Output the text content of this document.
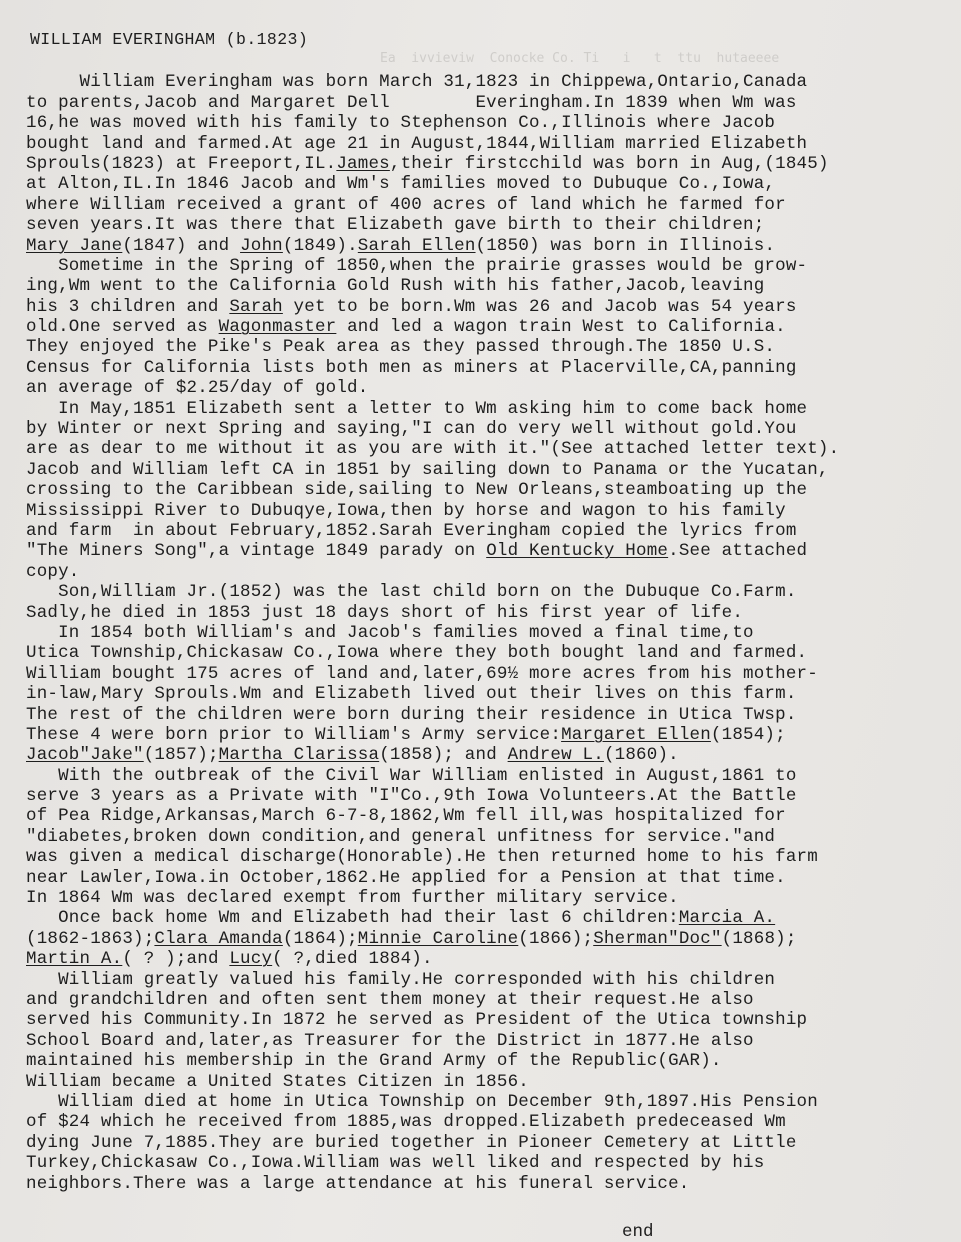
Ea  ivvieviw  Conocke Co. Ti   i   t  ttu  hutaeeee

WILLIAM EVERINGHAM (b.1823)
William Everingham was born March 31,1823 in Chippewa,Ontario,Canada
to parents,Jacob and Margaret Dell        Everingham.In 1839 when Wm was
16,he was moved with his family to Stephenson Co.,Illinois where Jacob
bought land and farmed.At age 21 in August,1844,William married Elizabeth
Sprouls(1823) at Freeport,IL.James,their firstcchild was born in Aug,(1845)
at Alton,IL.In 1846 Jacob and Wm's families moved to Dubuque Co.,Iowa,
where William received a grant of 400 acres of land which he farmed for
seven years.It was there that Elizabeth gave birth to their children;
Mary Jane(1847) and John(1849).Sarah Ellen(1850) was born in Illinois.
Sometime in the Spring of 1850,when the prairie grasses would be grow-
ing,Wm went to the California Gold Rush with his father,Jacob,leaving
his 3 children and Sarah yet to be born.Wm was 26 and Jacob was 54 years
old.One served as Wagonmaster and led a wagon train West to California.
They enjoyed the Pike's Peak area as they passed through.The 1850 U.S.
Census for California lists both men as miners at Placerville,CA,panning
an average of $2.25/day of gold.
In May,1851 Elizabeth sent a letter to Wm asking him to come back home
by Winter or next Spring and saying,"I can do very well without gold.You
are as dear to me without it as you are with it."(See attached letter text).
Jacob and William left CA in 1851 by sailing down to Panama or the Yucatan,
crossing to the Caribbean side,sailing to New Orleans,steamboating up the
Mississippi River to Dubuqye,Iowa,then by horse and wagon to his family
and farm  in about February,1852.Sarah Everingham copied the lyrics from
"The Miners Song",a vintage 1849 parady on Old Kentucky Home.See attached
copy.
Son,William Jr.(1852) was the last child born on the Dubuque Co.Farm.
Sadly,he died in 1853 just 18 days short of his first year of life.
In 1854 both William's and Jacob's families moved a final time,to
Utica Township,Chickasaw Co.,Iowa where they both bought land and farmed.
William bought 175 acres of land and,later,69½ more acres from his mother-
in-law,Mary Sprouls.Wm and Elizabeth lived out their lives on this farm.
The rest of the children were born during their residence in Utica Twsp.
These 4 were born prior to William's Army service:Margaret Ellen(1854);
Jacob"Jake"(1857);Martha Clarissa(1858); and Andrew L.(1860).
With the outbreak of the Civil War William enlisted in August,1861 to
serve 3 years as a Private with "I"Co.,9th Iowa Volunteers.At the Battle
of Pea Ridge,Arkansas,March 6-7-8,1862,Wm fell ill,was hospitalized for
"diabetes,broken down condition,and general unfitness for service."and
was given a medical discharge(Honorable).He then returned home to his farm
near Lawler,Iowa.in October,1862.He applied for a Pension at that time.
In 1864 Wm was declared exempt from further military service.
Once back home Wm and Elizabeth had their last 6 children:Marcia A.
(1862-1863);Clara Amanda(1864);Minnie Caroline(1866);Sherman"Doc"(1868);
Martin A.( ? );and Lucy( ?,died 1884).
William greatly valued his family.He corresponded with his children
and grandchildren and often sent them money at their request.He also
served his Community.In 1872 he served as President of the Utica township
School Board and,later,as Treasurer for the District in 1877.He also
maintained his membership in the Grand Army of the Republic(GAR).
William became a United States Citizen in 1856.
William died at home in Utica Township on December 9th,1897.His Pension
of $24 which he received from 1885,was dropped.Elizabeth predeceased Wm
dying June 7,1885.They are buried together in Pioneer Cemetery at Little
Turkey,Chickasaw Co.,Iowa.William was well liked and respected by his
neighbors.There was a large attendance at his funeral service.
end
